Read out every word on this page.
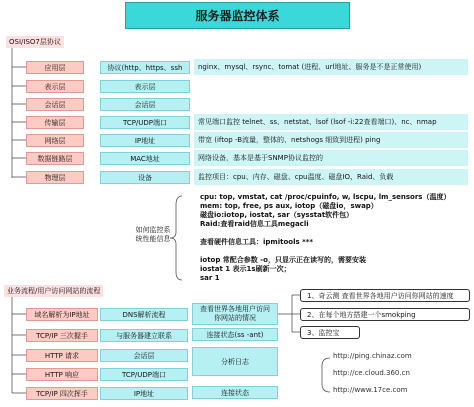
服务器监控体系
OSI/ISO7层协议
应用层	协议(http、https、ssh	nginx、mysql、rsync、tomat (进程、url地址、服务是不是正常使用)
表示层	表示层
会话层	会话层
传输层	TCP/UDP端口	常见端口监控 telnet、ss、netstat、lsof (lsof -i:22查看端口)、nc、nmap
网络层	IP地址	带宽 (iftop -B流量，整体的、netshogs 细致到进程) ping
数据链路层	MAC地址	网络设备，基本是基于SNMP协议监控的
物理层	设备	监控项目：cpu、内存、磁盘、cpu温度、磁盘IO、Raid、负载
如何监控系
统性能信息
cpu: top, vmstat, cat /proc/cpuinfo, w, lscpu, lm_sensors（温度）
mem: top, free, ps aux, iotop（磁盘io，swap）
磁盘io:iotop, iostat, sar（sysstat软件包）
Raid:查看raid信息工具megacli

查看硬件信息工具：ipmitools ***

iotop 常配合参数 -o，只显示正在读写的，需要安装
iostat 1 表示1s刷新一次；
sar 1
业务流程/用户访问网站的流程
域名解析为IP地址	DNS解析流程
TCP/IP 三次握手	与服务器建立联系
HTTP 请求	会话层
HTTP 响应	TCP/UDP端口
TCP/IP 四次挥手	IP地址
查看世界各地用户访问
你网站的情况
连接状态(ss -ant)
分析日志
连接状态
1、奇云测 查看世界各地用户访问你网站的速度
2、在每个地方搭建一个smokping
3、监控宝
http://ping.chinaz.com
http://ce.cloud.360.cn
http://www.17ce.com
